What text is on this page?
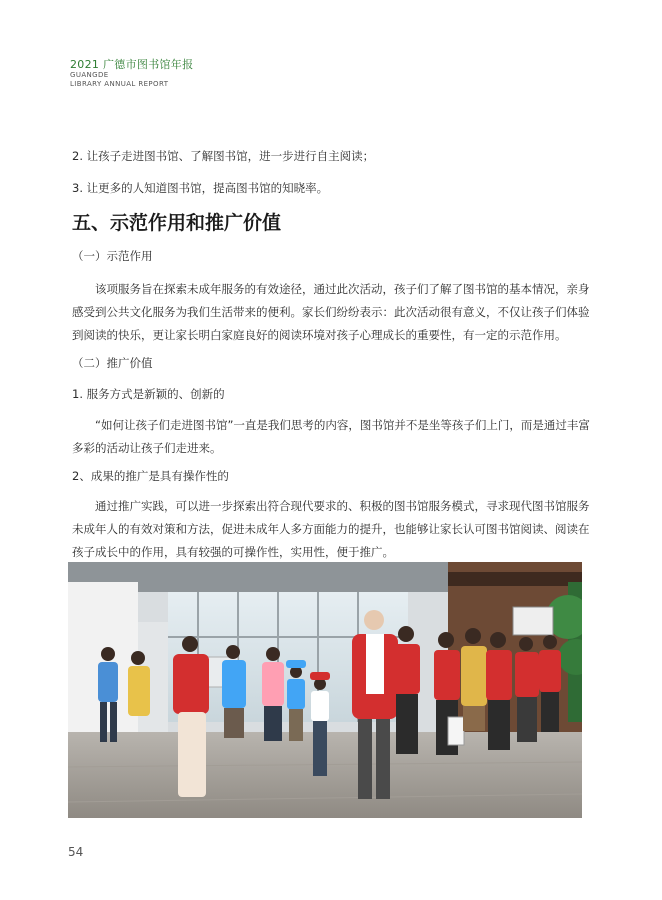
2021 广德市图书馆年报
GUANGDE
LIBRARY ANNUAL REPORT
2. 让孩子走进图书馆、了解图书馆，进一步进行自主阅读；
3. 让更多的人知道图书馆，提高图书馆的知晓率。
五、示范作用和推广价值
（一）示范作用
该项服务旨在探索未成年服务的有效途径，通过此次活动，孩子们了解了图书馆的基本情况，亲身感受到公共文化服务为我们生活带来的便利。家长们纷纷表示：此次活动很有意义，不仅让孩子们体验到阅读的快乐，更让家长明白家庭良好的阅读环境对孩子心理成长的重要性，有一定的示范作用。
（二）推广价值
1. 服务方式是新颖的、创新的
“如何让孩子们走进图书馆”一直是我们思考的内容，图书馆并不是坐等孩子们上门，而是通过丰富多彩的活动让孩子们走进来。
2、成果的推广是具有操作性的
通过推广实践，可以进一步探索出符合现代要求的、积极的图书馆服务模式，寻求现代图书馆服务未成年人的有效对策和方法，促进未成年人多方面能力的提升，也能够让家长认可图书馆阅读、阅读在孩子成长中的作用，具有较强的可操作性，实用性，便于推广。
54
